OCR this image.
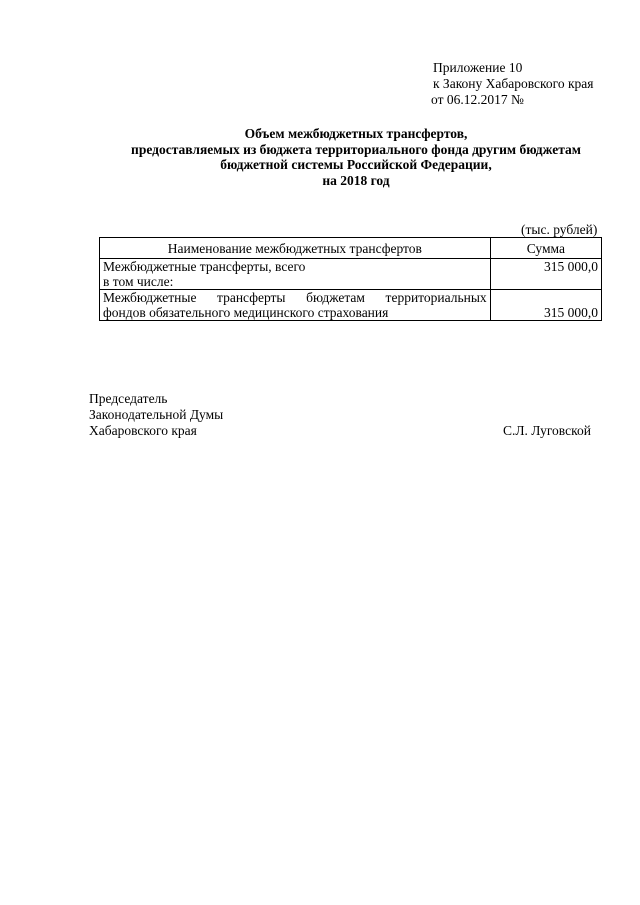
Приложение 10
к Закону Хабаровского края
от 06.12.2017 №
Объем межбюджетных трансфертов,
предоставляемых из бюджета территориального фонда другим бюджетам
бюджетной системы Российской Федерации,
на 2018 год
(тыс. рублей)
Наименование межбюджетных трансфертов	Сумма

Межбюджетные трансферты, всего
в том числе:	315 000,0

Межбюджетные трансферты бюджетам территориальных
фондов обязательного медицинского страхования	315 000,0
Председатель
Законодательной Думы
Хабаровского края	С.Л. Луговской
